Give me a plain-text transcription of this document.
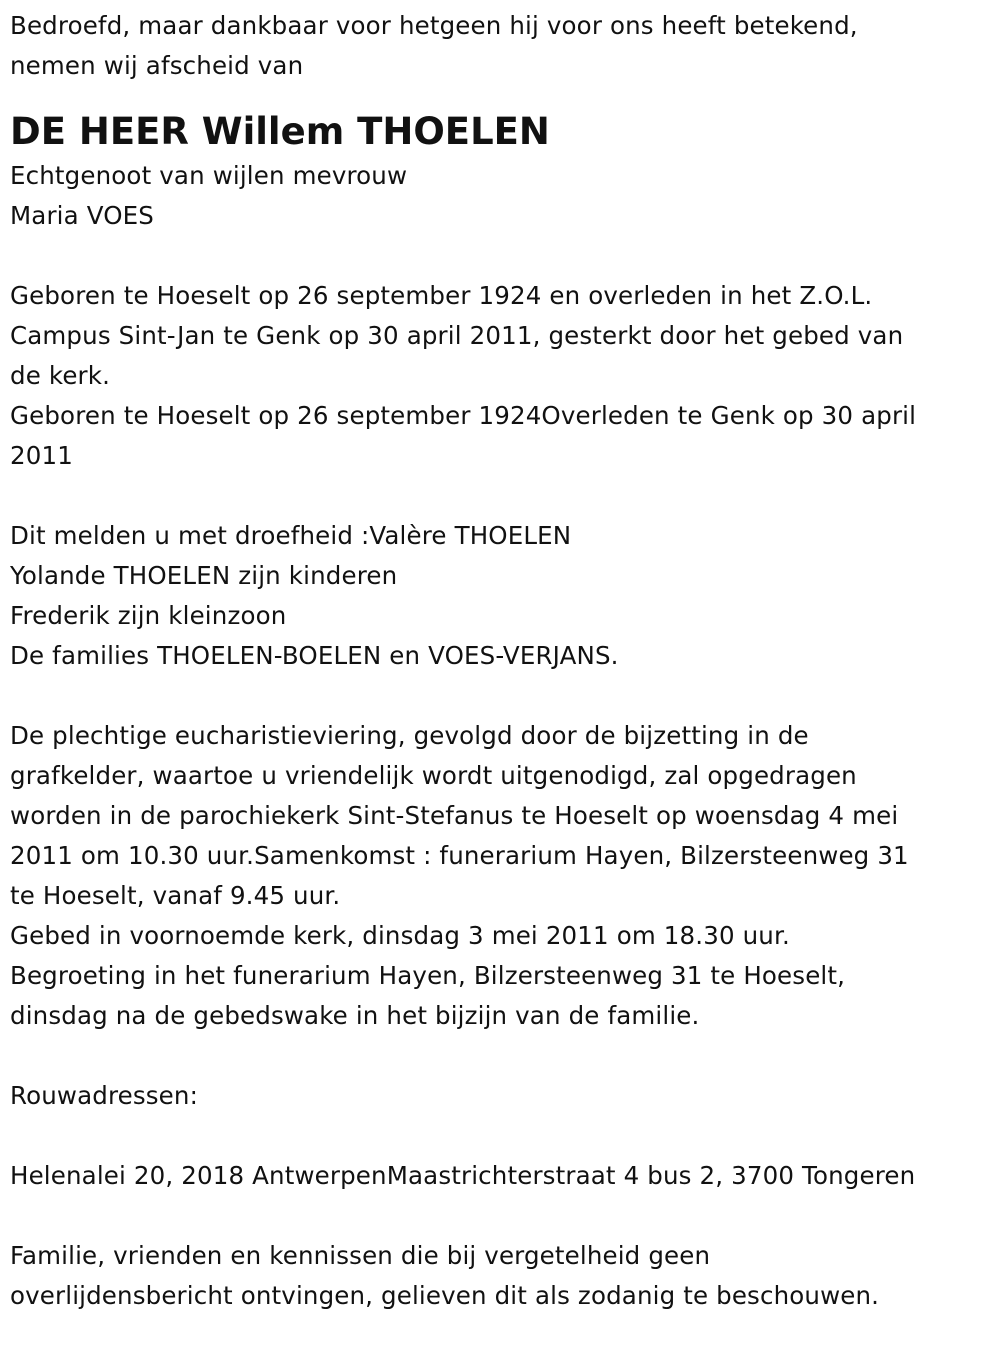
Bedroefd, maar dankbaar voor hetgeen hij voor ons heeft betekend,
nemen wij afscheid van
DE HEER Willem THOELEN
Echtgenoot van wijlen mevrouw
Maria VOES
Geboren te Hoeselt op 26 september 1924 en overleden in het Z.O.L.
Campus Sint-Jan te Genk op 30 april 2011, gesterkt door het gebed van
de kerk.
Geboren te Hoeselt op 26 september 1924Overleden te Genk op 30 april
2011
Dit melden u met droefheid :Valère THOELEN
Yolande THOELEN zijn kinderen
Frederik zijn kleinzoon
De families THOELEN-BOELEN en VOES-VERJANS.
De plechtige eucharistieviering, gevolgd door de bijzetting in de
grafkelder, waartoe u vriendelijk wordt uitgenodigd, zal opgedragen
worden in de parochiekerk Sint-Stefanus te Hoeselt op woensdag 4 mei
2011 om 10.30 uur.Samenkomst : funerarium Hayen, Bilzersteenweg 31
te Hoeselt, vanaf 9.45 uur.
Gebed in voornoemde kerk, dinsdag 3 mei 2011 om 18.30 uur.
Begroeting in het funerarium Hayen, Bilzersteenweg 31 te Hoeselt,
dinsdag na de gebedswake in het bijzijn van de familie.
Rouwadressen:
Helenalei 20, 2018 AntwerpenMaastrichterstraat 4 bus 2, 3700 Tongeren
Familie, vrienden en kennissen die bij vergetelheid geen
overlijdensbericht ontvingen, gelieven dit als zodanig te beschouwen.
